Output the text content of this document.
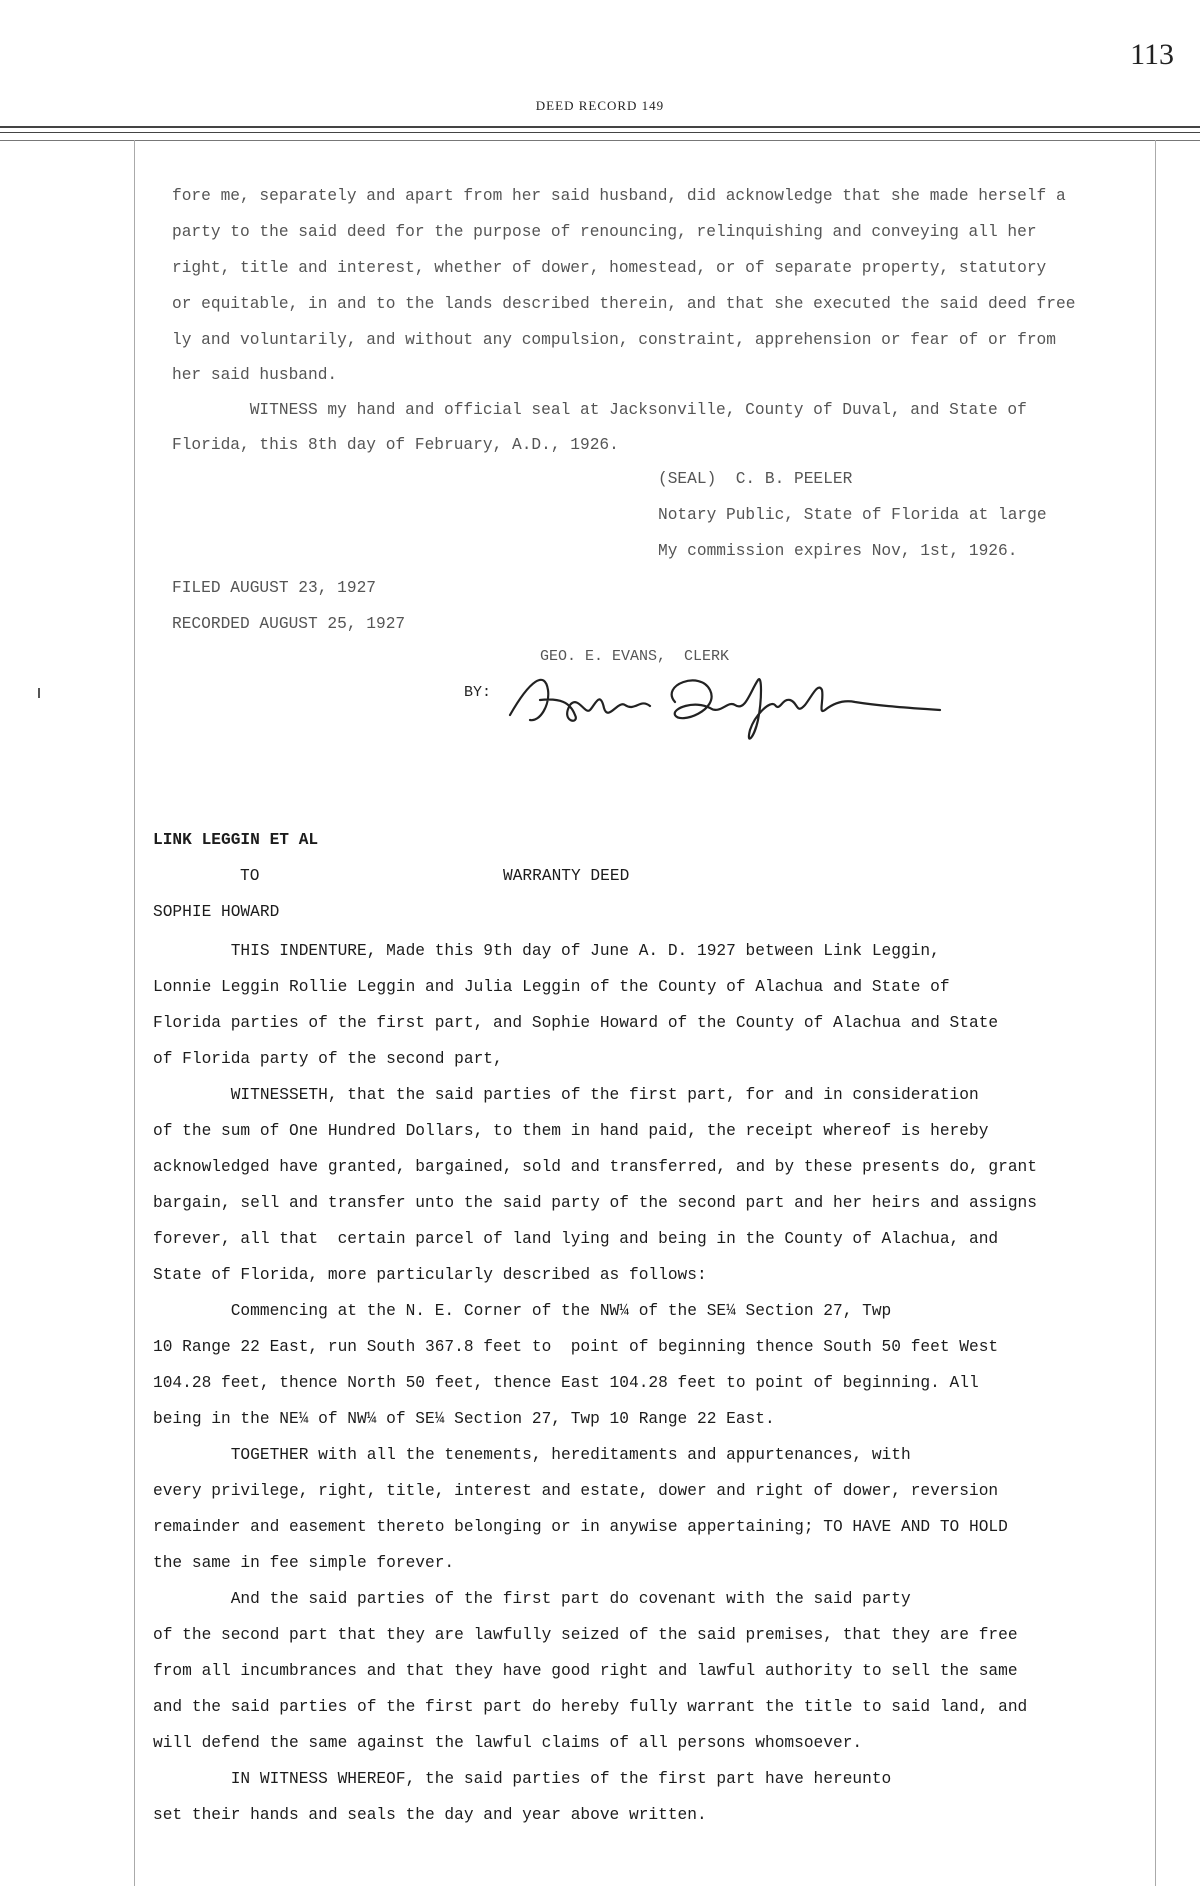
113
DEED RECORD 149
fore me, separately and apart from her said husband, did acknowledge that she made herself a
party to the said deed for the purpose of renouncing, relinquishing and conveying all her
right, title and interest, whether of dower, homestead, or of separate property, statutory
or equitable, in and to the lands described therein, and that she executed the said deed free
ly and voluntarily, and without any compulsion, constraint, apprehension or fear of or from
her said husband.
WITNESS my hand and official seal at Jacksonville, County of Duval, and State of
Florida, this 8th day of February, A.D., 1926.
(SEAL)  C. B. PEELER
Notary Public, State of Florida at large
My commission expires Nov, 1st, 1926.
FILED AUGUST 23, 1927
RECORDED AUGUST 25, 1927
GEO. E. EVANS,  CLERK
BY:
LINK LEGGIN ET AL
TO	WARRANTY DEED
SOPHIE HOWARD
THIS INDENTURE, Made this 9th day of June A. D. 1927 between Link Leggin,
Lonnie Leggin Rollie Leggin and Julia Leggin of the County of Alachua and State of
Florida parties of the first part, and Sophie Howard of the County of Alachua and State
of Florida party of the second part,
WITNESSETH, that the said parties of the first part, for and in consideration
of the sum of One Hundred Dollars, to them in hand paid, the receipt whereof is hereby
acknowledged have granted, bargained, sold and transferred, and by these presents do, grant
bargain, sell and transfer unto the said party of the second part and her heirs and assigns
forever, all that  certain parcel of land lying and being in the County of Alachua, and
State of Florida, more particularly described as follows:
Commencing at the N. E. Corner of the NW¼ of the SE¼ Section 27, Twp
10 Range 22 East, run South 367.8 feet to  point of beginning thence South 50 feet West
104.28 feet, thence North 50 feet, thence East 104.28 feet to point of beginning. All
being in the NE¼ of NW¼ of SE¼ Section 27, Twp 10 Range 22 East.
TOGETHER with all the tenements, hereditaments and appurtenances, with
every privilege, right, title, interest and estate, dower and right of dower, reversion
remainder and easement thereto belonging or in anywise appertaining; TO HAVE AND TO HOLD
the same in fee simple forever.
And the said parties of the first part do covenant with the said party
of the second part that they are lawfully seized of the said premises, that they are free
from all incumbrances and that they have good right and lawful authority to sell the same
and the said parties of the first part do hereby fully warrant the title to said land, and
will defend the same against the lawful claims of all persons whomsoever.
IN WITNESS WHEREOF, the said parties of the first part have hereunto
set their hands and seals the day and year above written.
